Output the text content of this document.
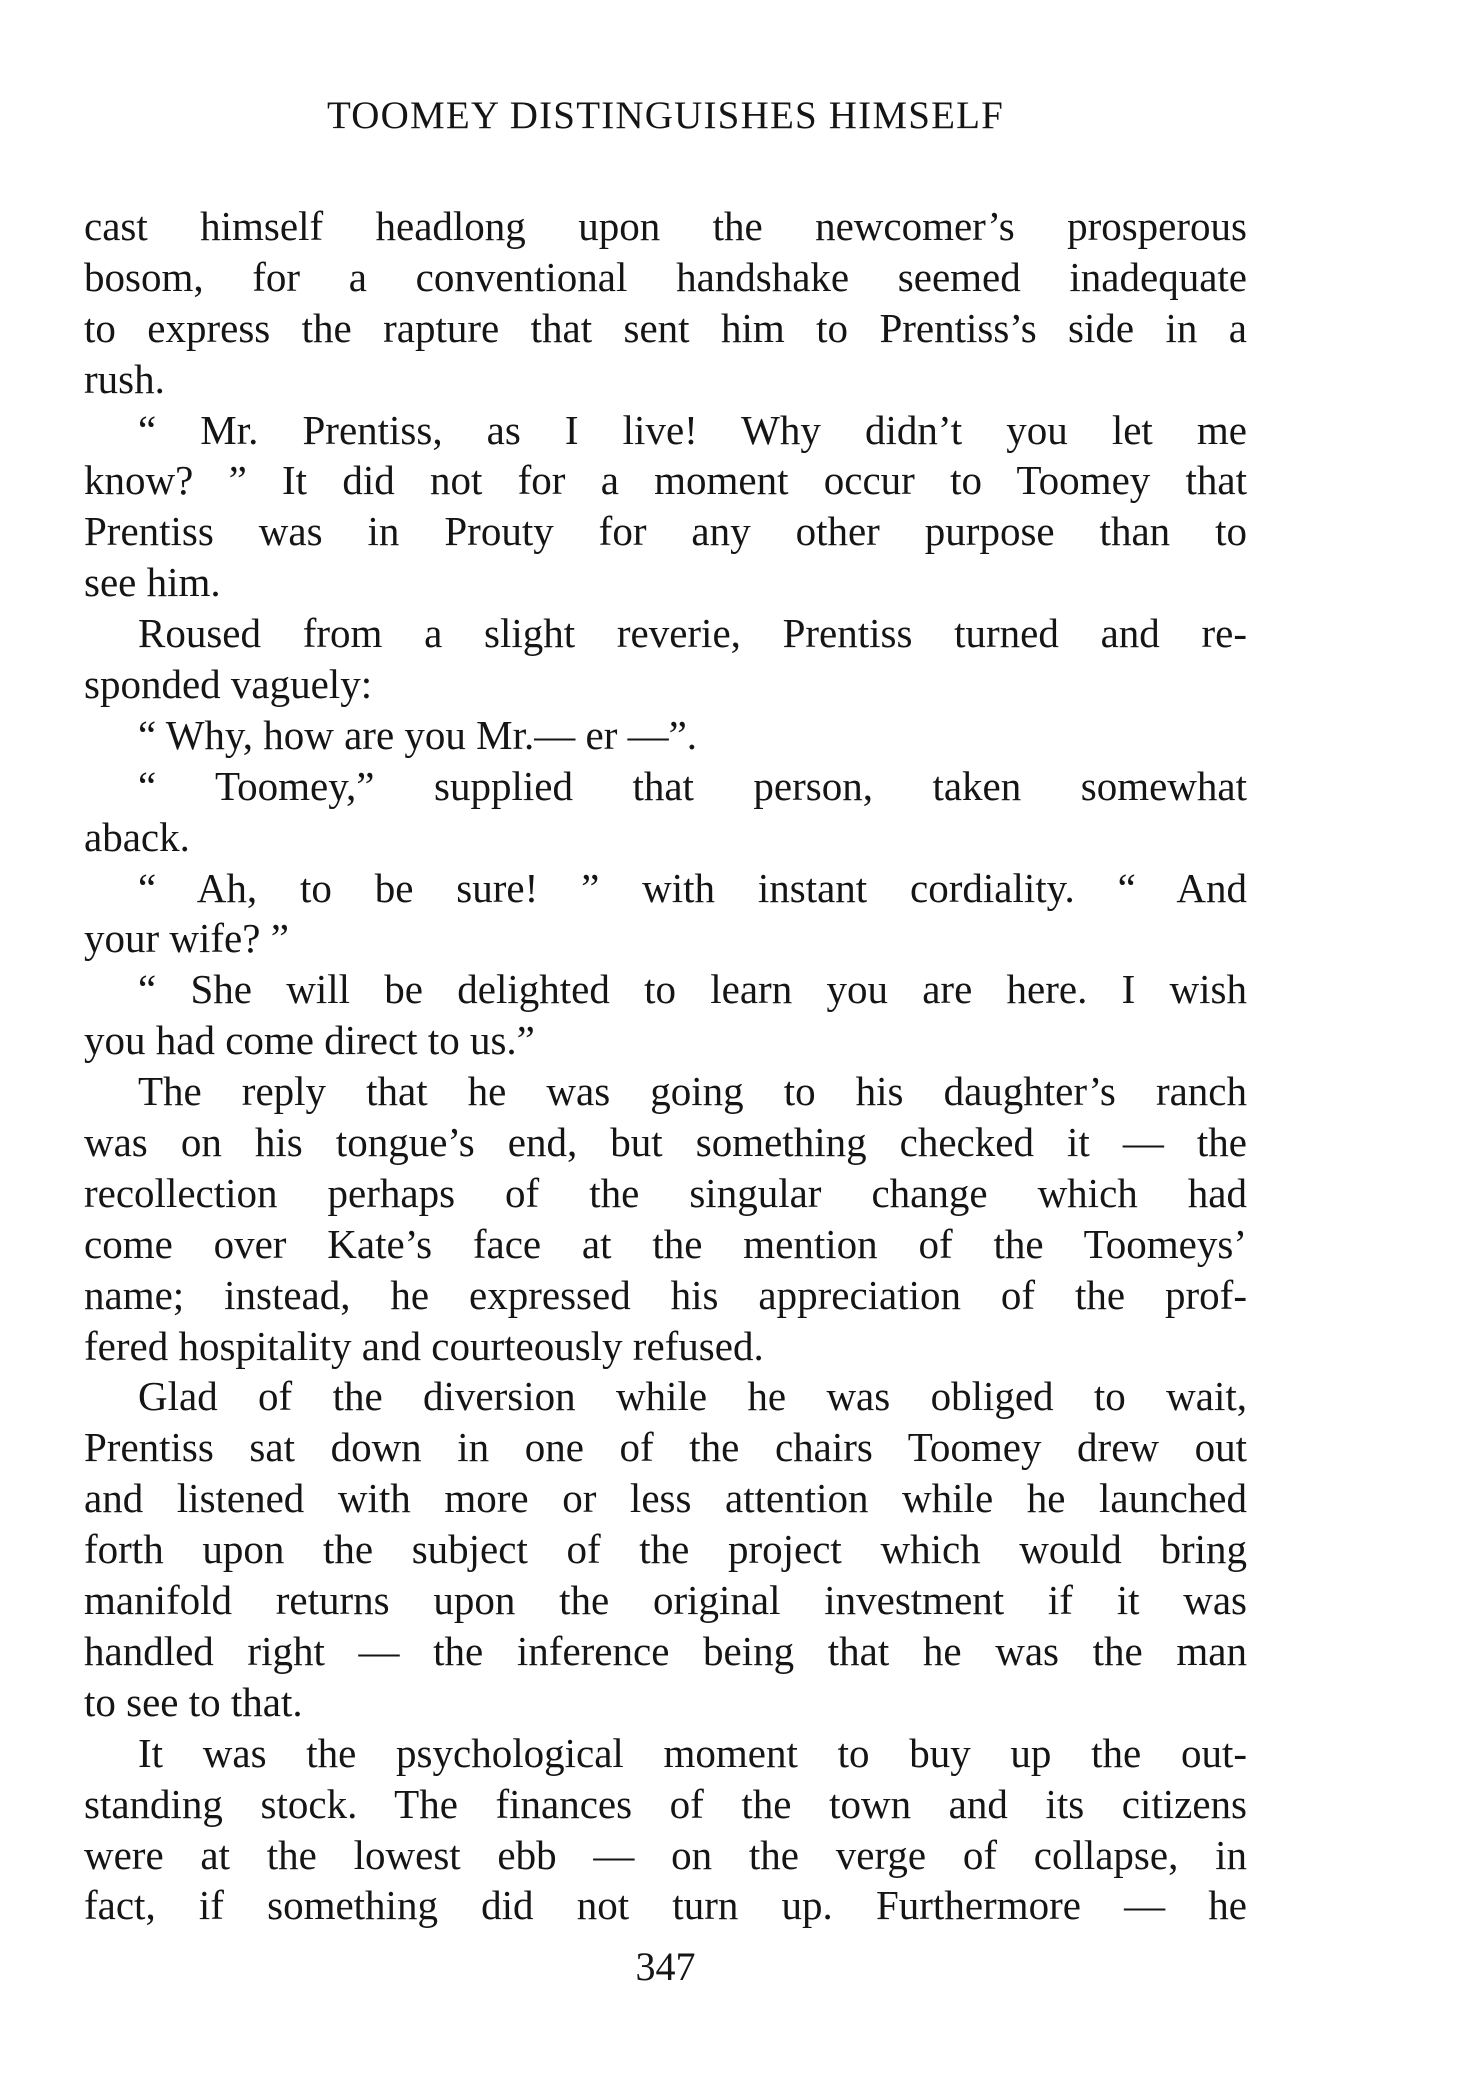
TOOMEY DISTINGUISHES HIMSELF
cast himself headlong upon the newcomer’s prosperous
bosom, for a conventional handshake seemed inadequate
to express the rapture that sent him to Prentiss’s side in a
rush.
“ Mr. Prentiss, as I live! Why didn’t you let me
know? ” It did not for a moment occur to Toomey that
Prentiss was in Prouty for any other purpose than to
see him.
Roused from a slight reverie, Prentiss turned and re-
sponded vaguely:
“ Why, how are you Mr.— er —”.
“ Toomey,” supplied that person, taken somewhat
aback.
“ Ah, to be sure! ” with instant cordiality. “ And
your wife? ”
“ She will be delighted to learn you are here. I wish
you had come direct to us.”
The reply that he was going to his daughter’s ranch
was on his tongue’s end, but something checked it — the
recollection perhaps of the singular change which had
come over Kate’s face at the mention of the Toomeys’
name; instead, he expressed his appreciation of the prof-
fered hospitality and courteously refused.
Glad of the diversion while he was obliged to wait,
Prentiss sat down in one of the chairs Toomey drew out
and listened with more or less attention while he launched
forth upon the subject of the project which would bring
manifold returns upon the original investment if it was
handled right — the inference being that he was the man
to see to that.
It was the psychological moment to buy up the out-
standing stock. The finances of the town and its citizens
were at the lowest ebb — on the verge of collapse, in
fact, if something did not turn up. Furthermore — he
347
